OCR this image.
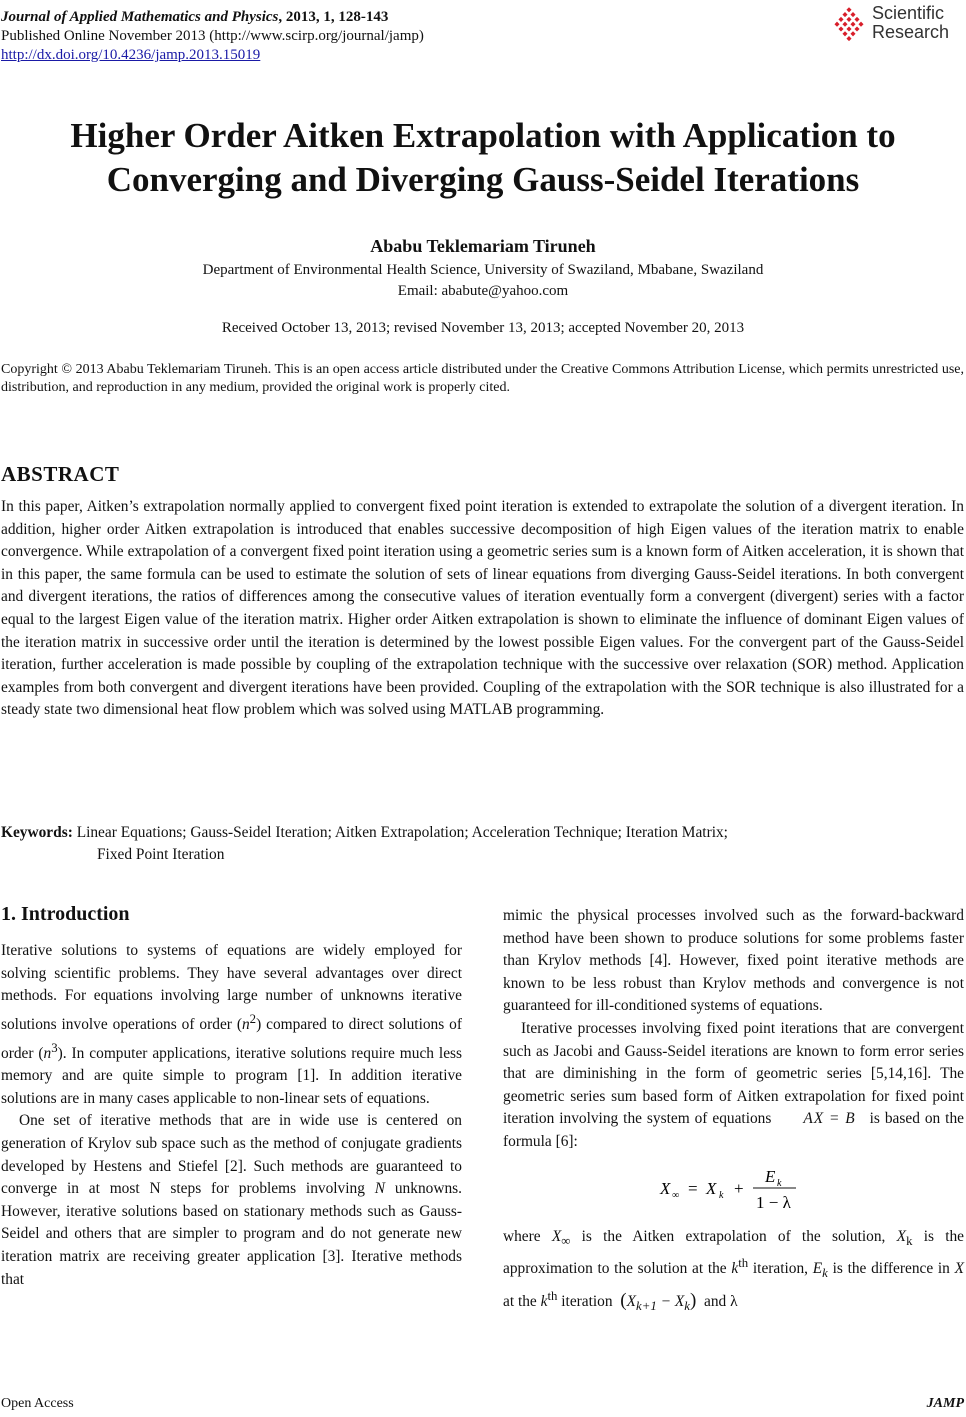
Journal of Applied Mathematics and Physics, 2013, 1, 128-143
Published Online November 2013 (http://www.scirp.org/journal/jamp)
http://dx.doi.org/10.4236/jamp.2013.15019
Scientific
Research
Higher Order Aitken Extrapolation with Application to
Converging and Diverging Gauss-Seidel Iterations
Ababu Teklemariam Tiruneh
Department of Environmental Health Science, University of Swaziland, Mbabane, Swaziland
Email: ababute@yahoo.com
Received October 13, 2013; revised November 13, 2013; accepted November 20, 2013
Copyright © 2013 Ababu Teklemariam Tiruneh. This is an open access article distributed under the Creative Commons Attribution License, which permits unrestricted use, distribution, and reproduction in any medium, provided the original work is properly cited.
ABSTRACT
In this paper, Aitken’s extrapolation normally applied to convergent fixed point iteration is extended to extrapolate the solution of a divergent iteration. In addition, higher order Aitken extrapolation is introduced that enables successive decomposition of high Eigen values of the iteration matrix to enable convergence. While extrapolation of a convergent fixed point iteration using a geometric series sum is a known form of Aitken acceleration, it is shown that in this paper, the same formula can be used to estimate the solution of sets of linear equations from diverging Gauss-Seidel iterations. In both convergent and divergent iterations, the ratios of differences among the consecutive values of iteration eventually form a convergent (divergent) series with a factor equal to the largest Eigen value of the iteration matrix. Higher order Aitken extrapolation is shown to eliminate the influence of dominant Eigen values of the iteration matrix in successive order until the iteration is determined by the lowest possible Eigen values. For the convergent part of the Gauss-Seidel iteration, further acceleration is made possible by coupling of the extrapolation technique with the successive over relaxation (SOR) method. Application examples from both convergent and divergent iterations have been provided. Coupling of the extrapolation with the SOR technique is also illustrated for a steady state two dimensional heat flow problem which was solved using MATLAB programming.
Keywords: Linear Equations; Gauss-Seidel Iteration; Aitken Extrapolation; Acceleration Technique; Iteration Matrix;
Fixed Point Iteration
1. Introduction

Iterative solutions to systems of equations are widely employed for solving scientific problems. They have several advantages over direct methods. For equations involving large number of unknowns iterative solutions involve operations of order $(n^2)$ compared to direct solutions of order $(n^3)$. In computer applications, iterative solutions require much less memory and are quite simple to program [1]. In addition iterative solutions are in many cases applicable to non-linear sets of equations.

One set of iterative methods that are in wide use is centered on generation of Krylov sub space such as the method of conjugate gradients developed by Hestens and Stiefel [2]. Such methods are guaranteed to converge in at most N steps for problems involving N unknowns. However, iterative solutions based on stationary methods such as Gauss-Seidel and others that are simpler to program and do not generate new iteration matrix are receiving greater application [3]. Iterative methods that

mimic the physical processes involved such as the forward-backward method have been shown to produce solutions for some problems faster than Krylov methods [4]. However, fixed point iterative methods are known to be less robust than Krylov methods and convergence is not guaranteed for ill-conditioned systems of equations.

Iterative processes involving fixed point iterations that are convergent such as Jacobi and Gauss-Seidel iterations are known to form error series that are diminishing in the form of geometric series [5,14,16]. The geometric series sum based form of Aitken extrapolation for fixed point iteration involving the system of equations AX = B is based on the formula [6]:

X ∞ = X k +
E k
1 − λ

where $X_\infty$ is the Aitken extrapolation of the solution, $X_k$ is the approximation to the solution at the $k^{th}$ iteration, $E_k$ is the difference in X at the $k^{th}$ iteration $(X_{k+1} - X_k)$ and λ

Open Access	JAMP
